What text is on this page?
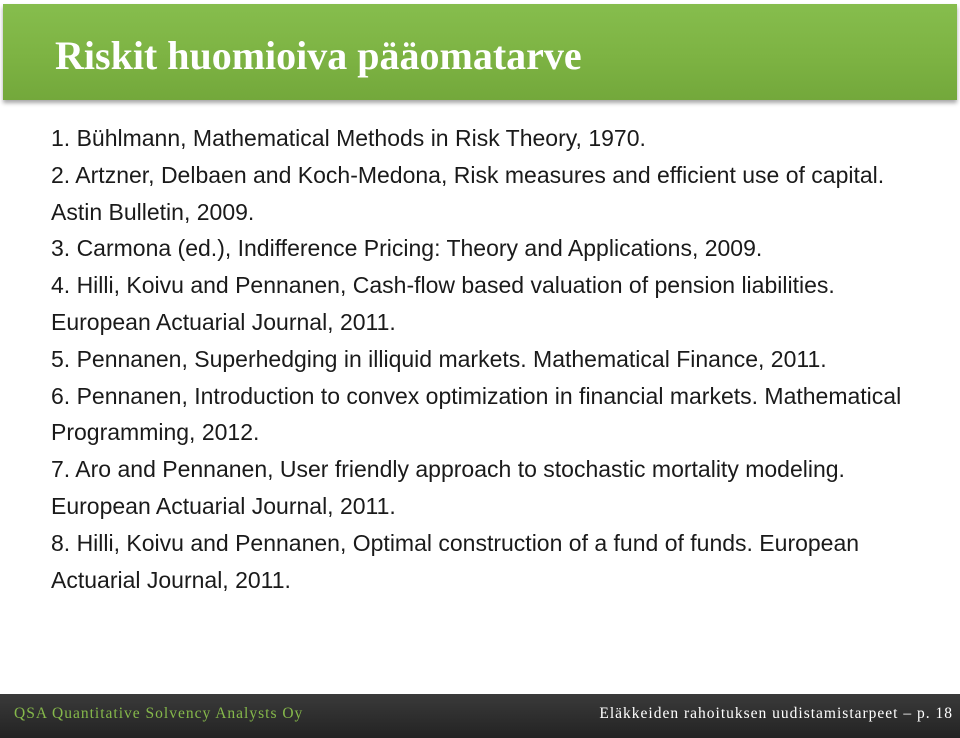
Riskit huomioiva pääomatarve
1. Bühlmann, Mathematical Methods in Risk Theory, 1970.
2. Artzner, Delbaen and Koch-Medona, Risk measures and efficient use of capital. Astin Bulletin, 2009.
3. Carmona (ed.), Indifference Pricing: Theory and Applications, 2009.
4. Hilli, Koivu and Pennanen, Cash-flow based valuation of pension liabilities. European Actuarial Journal, 2011.
5. Pennanen, Superhedging in illiquid markets. Mathematical Finance, 2011.
6. Pennanen, Introduction to convex optimization in financial markets. Mathematical Programming, 2012.
7. Aro and Pennanen, User friendly approach to stochastic mortality modeling. European Actuarial Journal, 2011.
8. Hilli, Koivu and Pennanen, Optimal construction of a fund of funds. European Actuarial Journal, 2011.
QSA Quantitative Solvency Analysts Oy	Eläkkeiden rahoituksen uudistamistarpeet – p. 18
